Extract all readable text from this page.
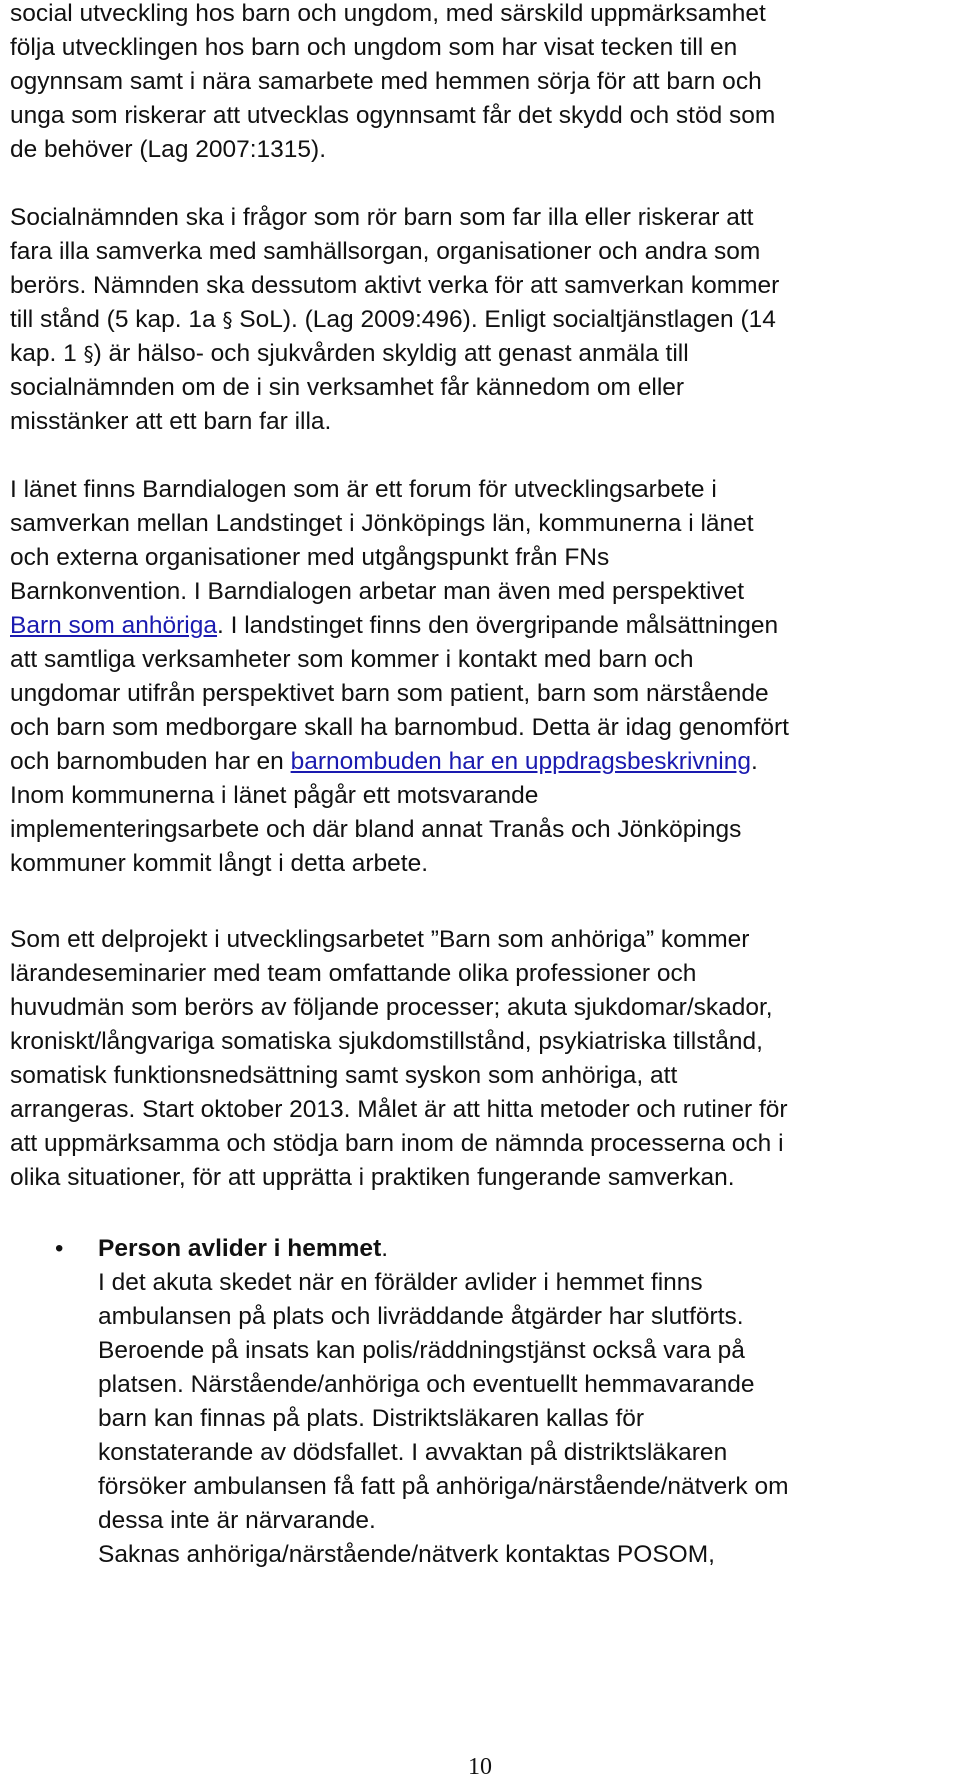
social utveckling hos barn och ungdom, med särskild uppmärksamhet
följa utvecklingen hos barn och ungdom som har visat tecken till en
ogynnsam samt i nära samarbete med hemmen sörja för att barn och
unga som riskerar att utvecklas ogynnsamt får det skydd och stöd som
de behöver (Lag 2007:1315).
Socialnämnden ska i frågor som rör barn som far illa eller riskerar att
fara illa samverka med samhällsorgan, organisationer och andra som
berörs. Nämnden ska dessutom aktivt verka för att samverkan kommer
till stånd (5 kap. 1a § SoL). (Lag 2009:496). Enligt socialtjänstlagen (14
kap. 1 §) är hälso- och sjukvården skyldig att genast anmäla till
socialnämnden om de i sin verksamhet får kännedom om eller
misstänker att ett barn far illa.
I länet finns Barndialogen som är ett forum för utvecklingsarbete i
samverkan mellan Landstinget i Jönköpings län, kommunerna i länet
och externa organisationer med utgångspunkt från FNs
Barnkonvention. I Barndialogen arbetar man även med perspektivet
Barn som anhöriga. I landstinget finns den övergripande målsättningen
att samtliga verksamheter som kommer i kontakt med barn och
ungdomar utifrån perspektivet barn som patient, barn som närstående
och barn som medborgare skall ha barnombud. Detta är idag genomfört
och barnombuden har en barnombuden har en uppdragsbeskrivning.
Inom kommunerna i länet pågår ett motsvarande
implementeringsarbete och där bland annat Tranås och Jönköpings
kommuner kommit långt i detta arbete.
Som ett delprojekt i utvecklingsarbetet ”Barn som anhöriga” kommer
lärandeseminarier med team omfattande olika professioner och
huvudmän som berörs av följande processer; akuta sjukdomar/skador,
kroniskt/långvariga somatiska sjukdomstillstånd, psykiatriska tillstånd,
somatisk funktionsnedsättning samt syskon som anhöriga, att
arrangeras. Start oktober 2013. Målet är att hitta metoder och rutiner för
att uppmärksamma och stödja barn inom de nämnda processerna och i
olika situationer, för att upprätta i praktiken fungerande samverkan.
•	Person avlider i hemmet.
I det akuta skedet när en förälder avlider i hemmet finns
ambulansen på plats och livräddande åtgärder har slutförts.
Beroende på insats kan polis/räddningstjänst också vara på
platsen. Närstående/anhöriga och eventuellt hemmavarande
barn kan finnas på plats. Distriktsläkaren kallas för
konstaterande av dödsfallet. I avvaktan på distriktsläkaren
försöker ambulansen få fatt på anhöriga/närstående/nätverk om
dessa inte är närvarande.
Saknas anhöriga/närstående/nätverk kontaktas POSOM,
10
